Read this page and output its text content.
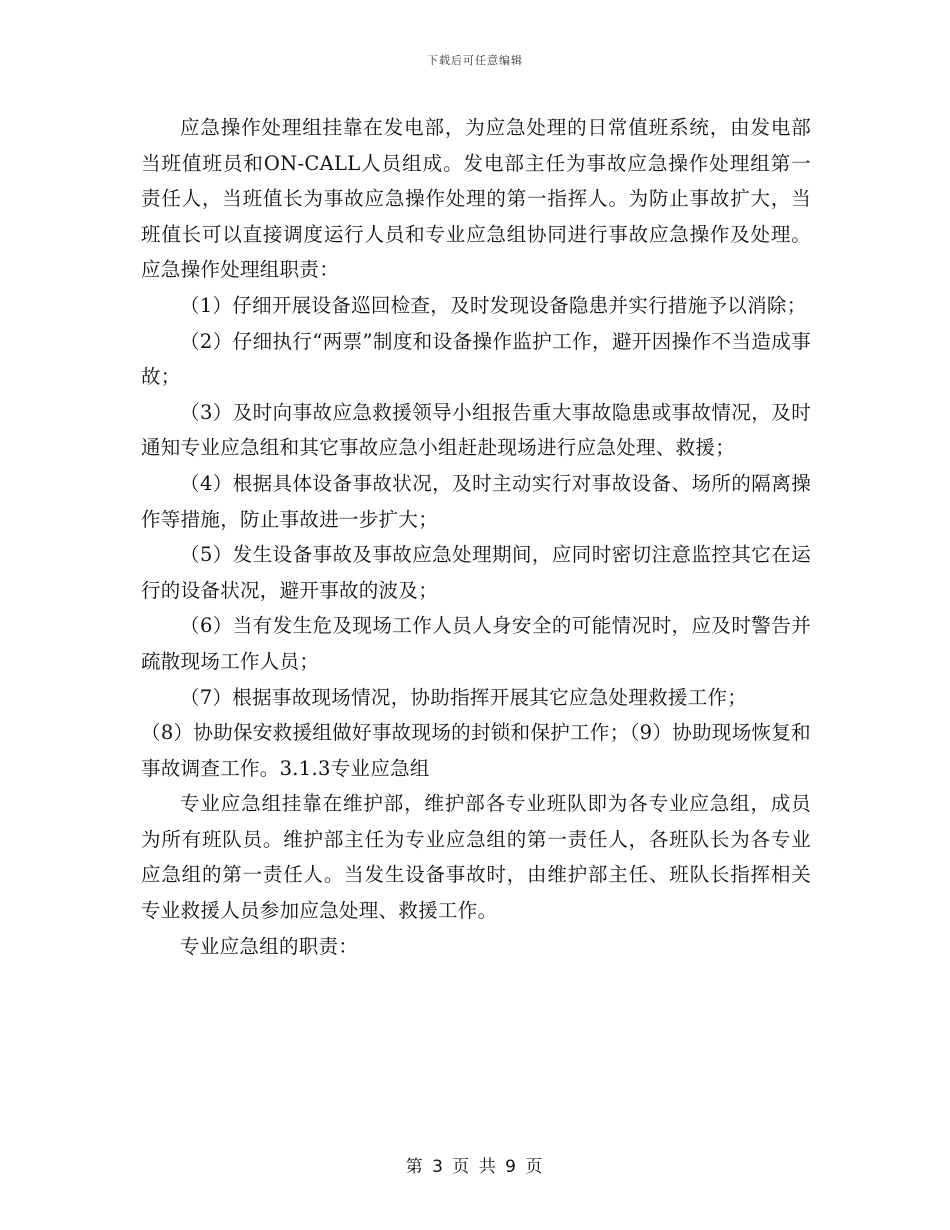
下载后可任意编辑

应急操作处理组挂靠在发电部，为应急处理的日常值班系统，由发电部当班值班员和ON-CALL人员组成。发电部主任为事故应急操作处理组第一责任人，当班值长为事故应急操作处理的第一指挥人。为防止事故扩大，当班值长可以直接调度运行人员和专业应急组协同进行事故应急操作及处理。应急操作处理组职责：

（1）仔细开展设备巡回检查，及时发现设备隐患并实行措施予以消除；

（2）仔细执行“两票”制度和设备操作监护工作，避开因操作不当造成事故；

（3）及时向事故应急救援领导小组报告重大事故隐患或事故情况，及时通知专业应急组和其它事故应急小组赶赴现场进行应急处理、救援；

（4）根据具体设备事故状况，及时主动实行对事故设备、场所的隔离操作等措施，防止事故进一步扩大；

（5）发生设备事故及事故应急处理期间，应同时密切注意监控其它在运行的设备状况，避开事故的波及；

（6）当有发生危及现场工作人员人身安全的可能情况时，应及时警告并疏散现场工作人员；

（7）根据事故现场情况，协助指挥开展其它应急处理救援工作；

（8）协助保安救援组做好事故现场的封锁和保护工作；（9）协助现场恢复和事故调查工作。3.1.3专业应急组

专业应急组挂靠在维护部，维护部各专业班队即为各专业应急组，成员为所有班队员。维护部主任为专业应急组的第一责任人，各班队长为各专业应急组的第一责任人。当发生设备事故时，由维护部主任、班队长指挥相关专业救援人员参加应急处理、救援工作。

专业应急组的职责：

第 3 页 共 9 页
